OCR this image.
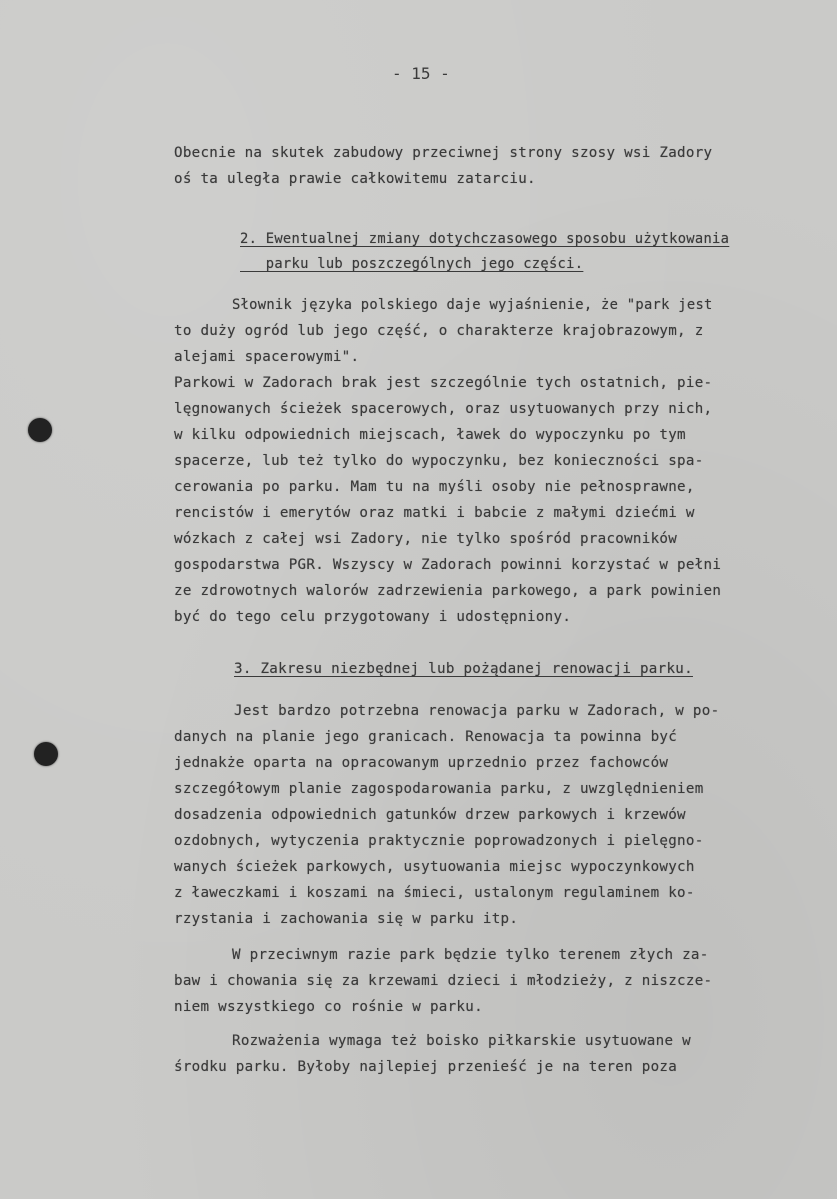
- 15 -
Obecnie na skutek zabudowy przeciwnej strony szosy wsi Zadory
oś ta uległa prawie całkowitemu zatarciu.
2. Ewentualnej zmiany dotychczasowego sposobu użytkowania
parku lub poszczególnych jego części.
Słownik języka polskiego daje wyjaśnienie, że "park jest
to duży ogród lub jego część, o charakterze krajobrazowym, z
alejami spacerowymi".
Parkowi w Zadorach brak jest szczególnie tych ostatnich, pie-
lęgnowanych ścieżek spacerowych, oraz usytuowanych przy nich,
w kilku odpowiednich miejscach, ławek do wypoczynku po tym
spacerze, lub też tylko do wypoczynku, bez konieczności spa-
cerowania po parku. Mam tu na myśli osoby nie pełnosprawne,
rencistów i emerytów oraz matki i babcie z małymi dziećmi w
wózkach z całej wsi Zadory, nie tylko spośród pracowników
gospodarstwa PGR. Wszyscy w Zadorach powinni korzystać w pełni
ze zdrowotnych walorów zadrzewienia parkowego, a park powinien
być do tego celu przygotowany i udostępniony.
3. Zakresu niezbędnej lub pożądanej renowacji parku.
Jest bardzo potrzebna renowacja parku w Zadorach, w po-
danych na planie jego granicach. Renowacja ta powinna być
jednakże oparta na opracowanym uprzednio przez fachowców
szczegółowym planie zagospodarowania parku, z uwzględnieniem
dosadzenia odpowiednich gatunków drzew parkowych i krzewów
ozdobnych, wytyczenia praktycznie poprowadzonych i pielęgno-
wanych ścieżek parkowych, usytuowania miejsc wypoczynkowych
z ławeczkami i koszami na śmieci, ustalonym regulaminem ko-
rzystania i zachowania się w parku itp.
W przeciwnym razie park będzie tylko terenem złych za-
baw i chowania się za krzewami dzieci i młodzieży, z niszcze-
niem wszystkiego co rośnie w parku.
Rozważenia wymaga też boisko piłkarskie usytuowane w
środku parku. Byłoby najlepiej przenieść je na teren poza
